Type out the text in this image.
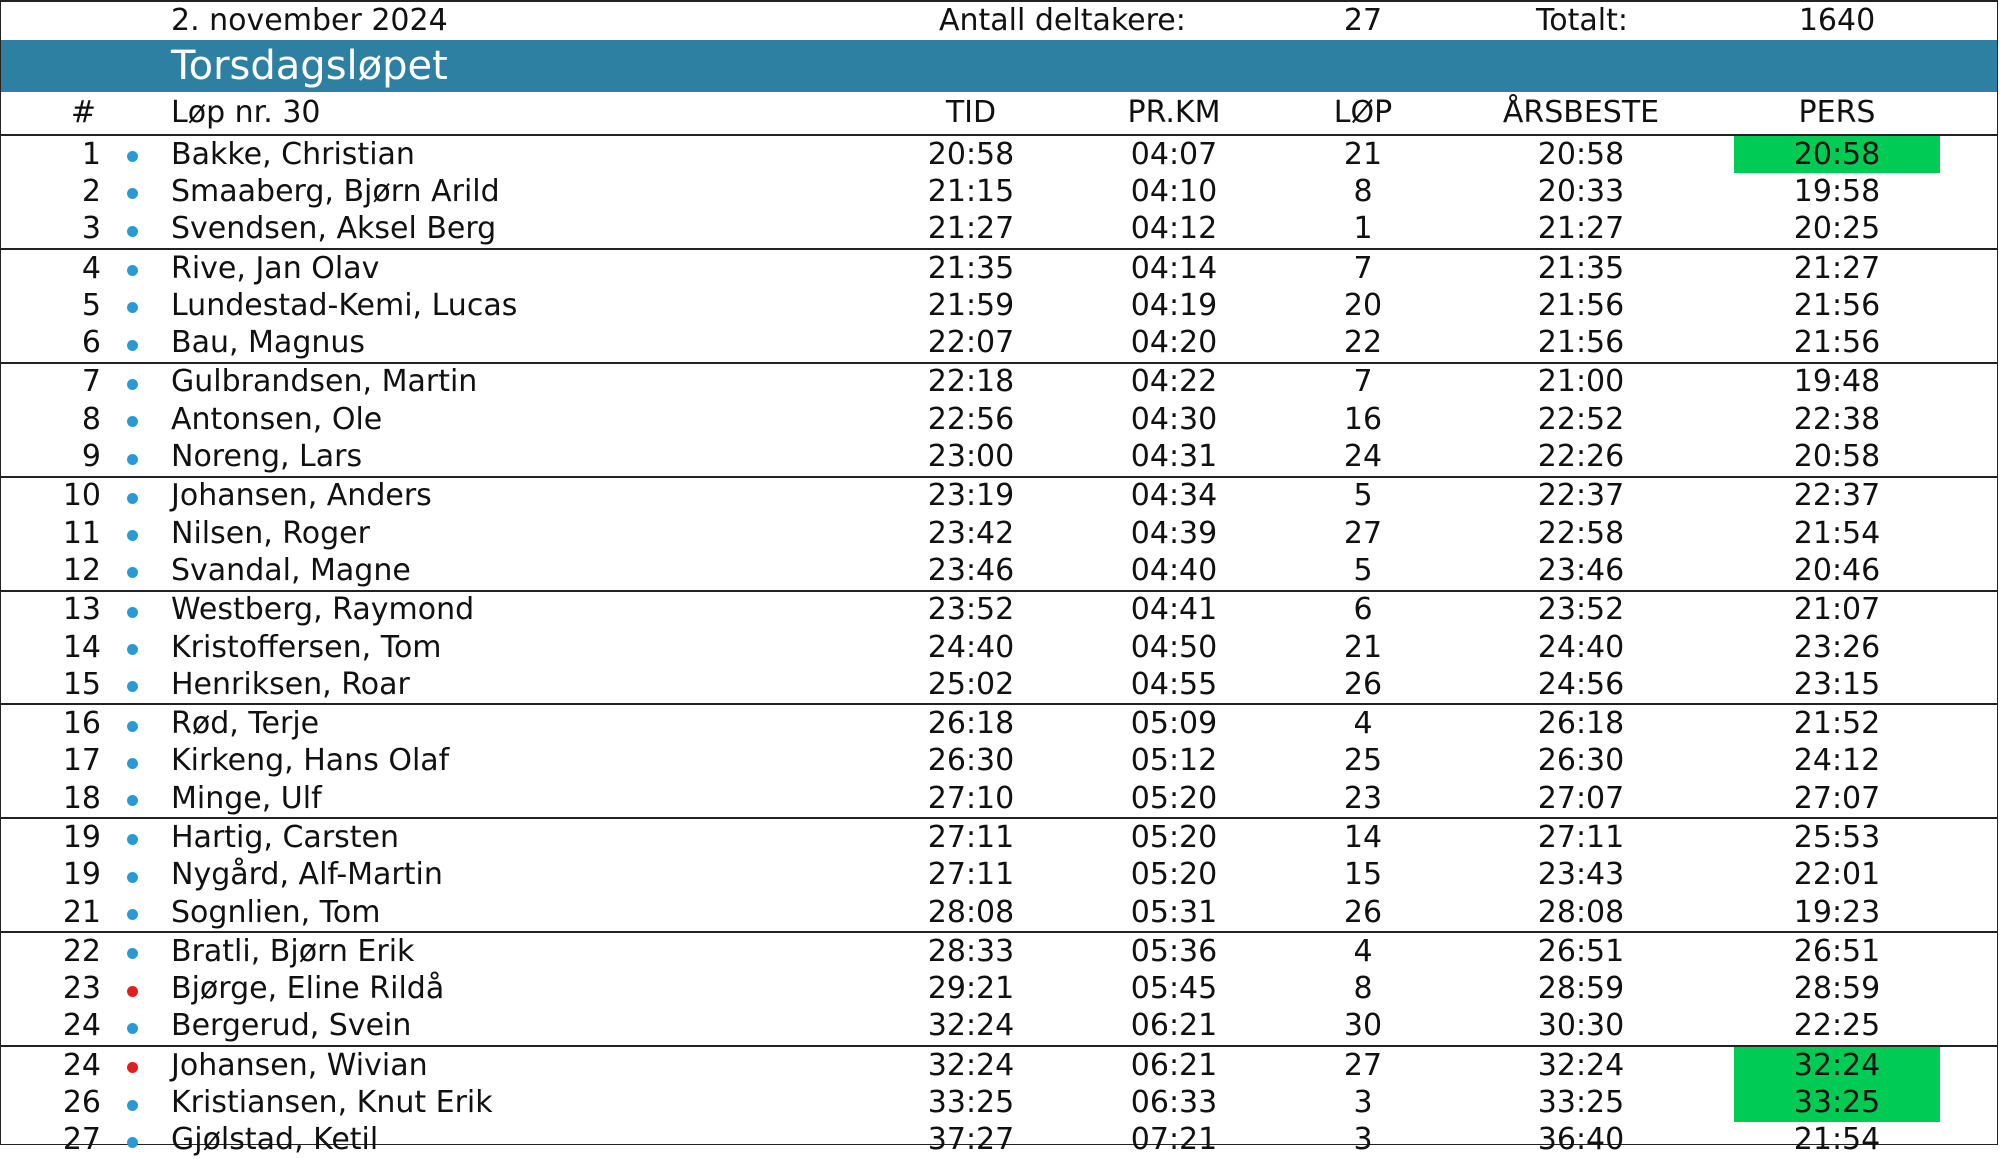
2. november 2024	Antall deltakere:	27	Totalt:	1640
Torsdagsløpet
#	Løp nr. 30	TID	PR.KM	LØP	ÅRSBESTE	PERS
1 Bakke, Christian	20:58	04:07	21	20:58	20:58
2 Smaaberg, Bjørn Arild	21:15	04:10	8	20:33	19:58
3 Svendsen, Aksel Berg	21:27	04:12	1	21:27	20:25
4 Rive, Jan Olav	21:35	04:14	7	21:35	21:27
5 Lundestad-Kemi, Lucas	21:59	04:19	20	21:56	21:56
6 Bau, Magnus	22:07	04:20	22	21:56	21:56
7 Gulbrandsen, Martin	22:18	04:22	7	21:00	19:48
8 Antonsen, Ole	22:56	04:30	16	22:52	22:38
9 Noreng, Lars	23:00	04:31	24	22:26	20:58
10 Johansen, Anders	23:19	04:34	5	22:37	22:37
11 Nilsen, Roger	23:42	04:39	27	22:58	21:54
12 Svandal, Magne	23:46	04:40	5	23:46	20:46
13 Westberg, Raymond	23:52	04:41	6	23:52	21:07
14 Kristoffersen, Tom	24:40	04:50	21	24:40	23:26
15 Henriksen, Roar	25:02	04:55	26	24:56	23:15
16 Rød, Terje	26:18	05:09	4	26:18	21:52
17 Kirkeng, Hans Olaf	26:30	05:12	25	26:30	24:12
18 Minge, Ulf	27:10	05:20	23	27:07	27:07
19 Hartig, Carsten	27:11	05:20	14	27:11	25:53
19 Nygård, Alf-Martin	27:11	05:20	15	23:43	22:01
21 Sognlien, Tom	28:08	05:31	26	28:08	19:23
22 Bratli, Bjørn Erik	28:33	05:36	4	26:51	26:51
23 Bjørge, Eline Rildå	29:21	05:45	8	28:59	28:59
24 Bergerud, Svein	32:24	06:21	30	30:30	22:25
24 Johansen, Wivian	32:24	06:21	27	32:24	32:24
26 Kristiansen, Knut Erik	33:25	06:33	3	33:25	33:25
27 Gjølstad, Ketil	37:27	07:21	3	36:40	21:54
